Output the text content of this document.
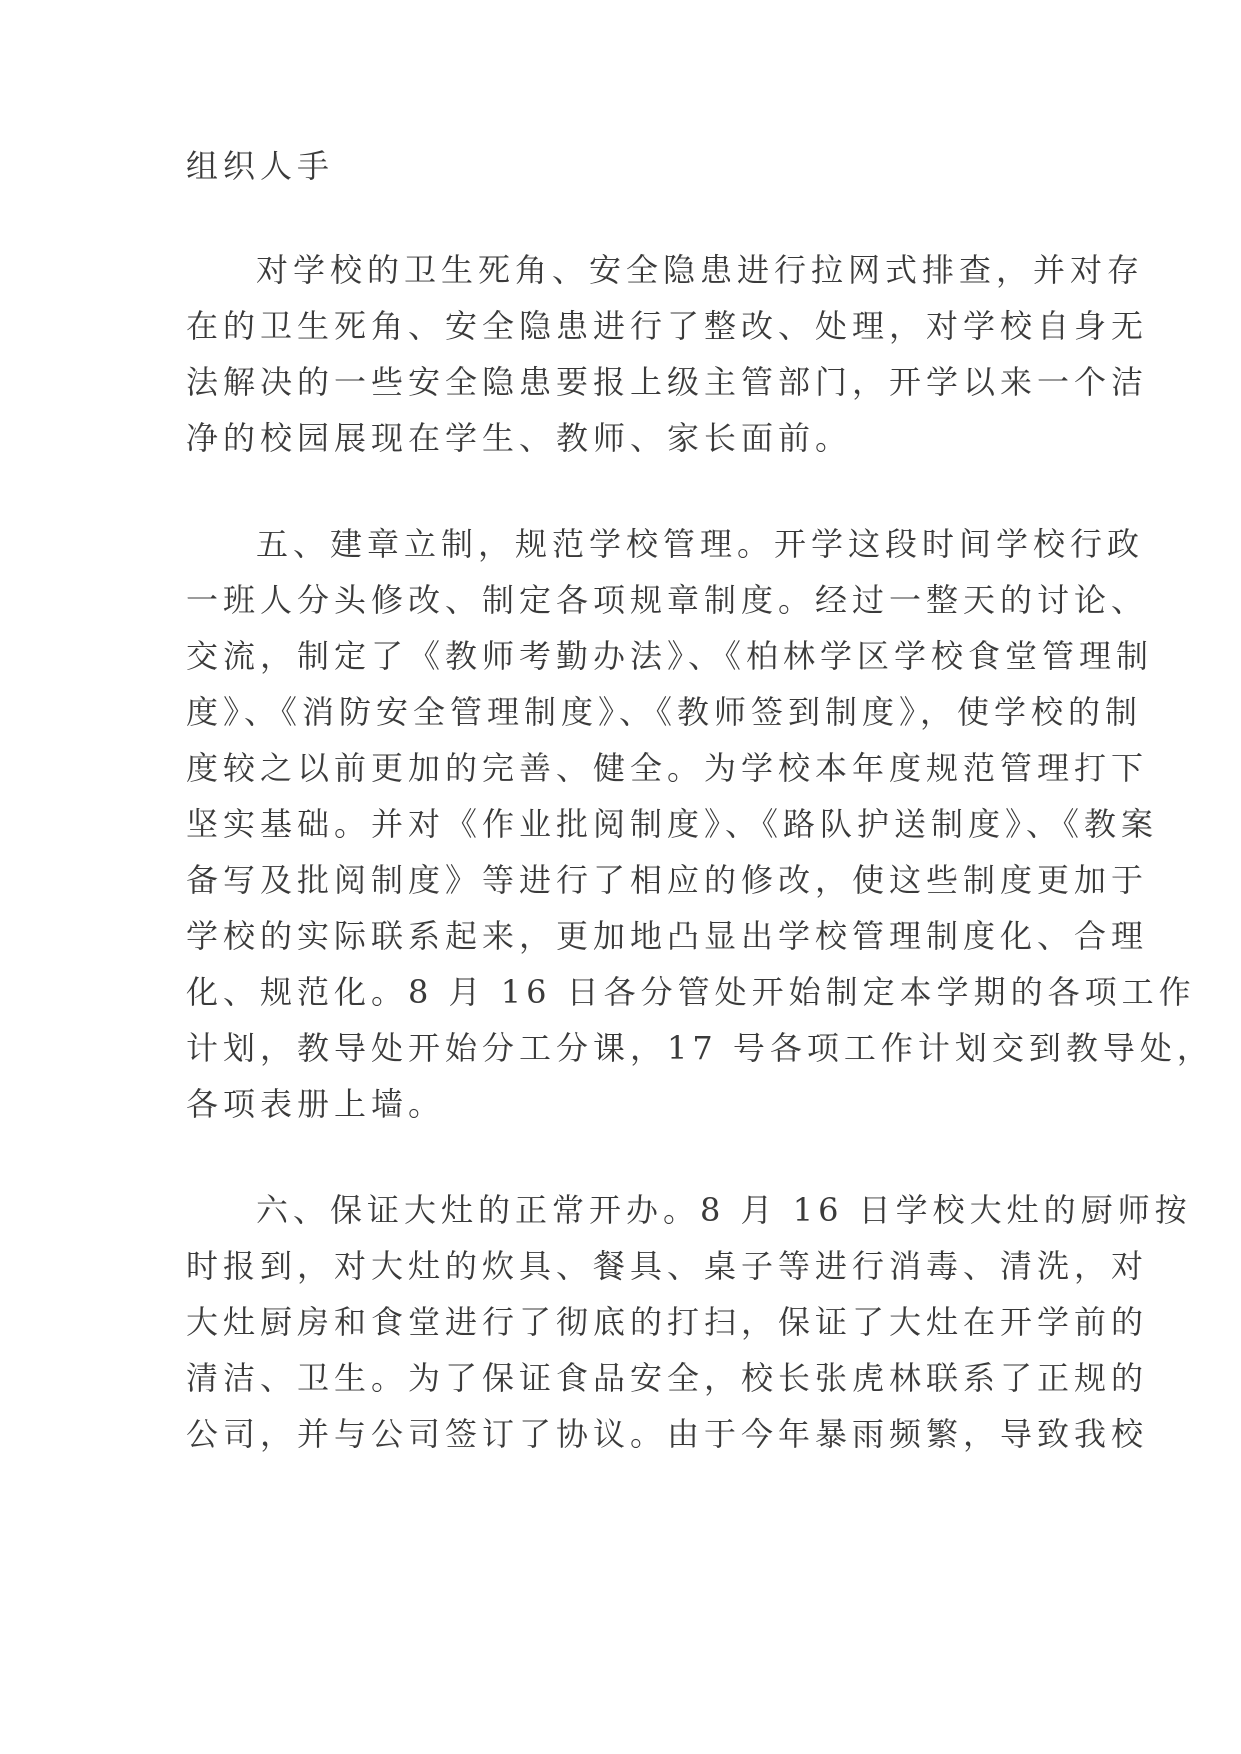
组织人手
对学校的卫生死角、安全隐患进行拉网式排查，并对存
在的卫生死角、安全隐患进行了整改、处理，对学校自身无
法解决的一些安全隐患要报上级主管部门，开学以来一个洁
净的校园展现在学生、教师、家长面前。
五、建章立制，规范学校管理。开学这段时间学校行政
一班人分头修改、制定各项规章制度。经过一整天的讨论、
交流，制定了《教师考勤办法》、《柏林学区学校食堂管理制
度》、《消防安全管理制度》、《教师签到制度》，使学校的制
度较之以前更加的完善、健全。为学校本年度规范管理打下
坚实基础。并对《作业批阅制度》、《路队护送制度》、《教案
备写及批阅制度》等进行了相应的修改，使这些制度更加于
学校的实际联系起来，更加地凸显出学校管理制度化、合理
化、规范化。8 月 16 日各分管处开始制定本学期的各项工作
计划，教导处开始分工分课，17 号各项工作计划交到教导处，
各项表册上墙。
六、保证大灶的正常开办。8 月 16 日学校大灶的厨师按
时报到，对大灶的炊具、餐具、桌子等进行消毒、清洗，对
大灶厨房和食堂进行了彻底的打扫，保证了大灶在开学前的
清洁、卫生。为了保证食品安全，校长张虎林联系了正规的
公司，并与公司签订了协议。由于今年暴雨频繁，导致我校
